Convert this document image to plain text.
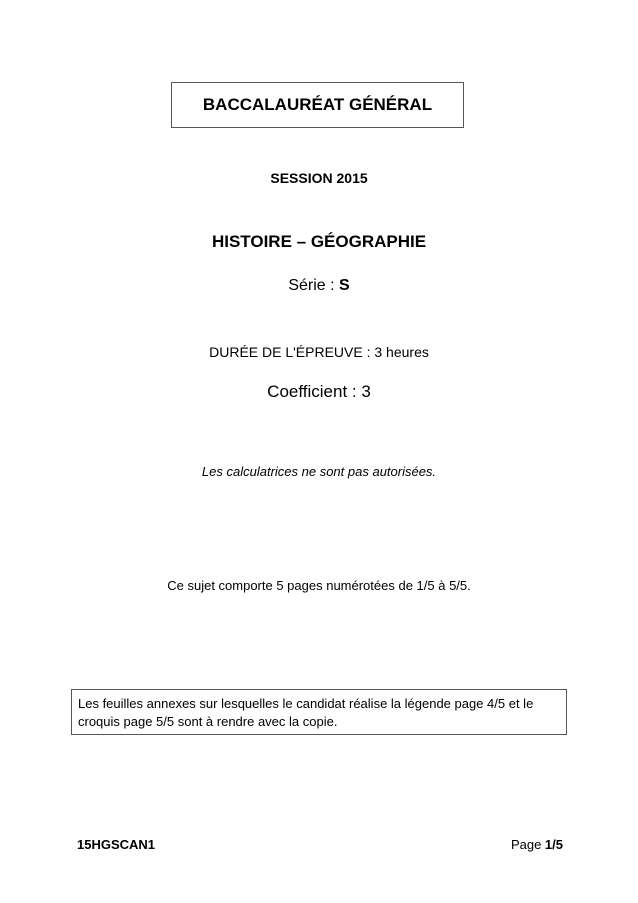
BACCALAURÉAT GÉNÉRAL
SESSION 2015
HISTOIRE – GÉOGRAPHIE
Série : S
DURÉE DE L'ÉPREUVE : 3 heures
Coefficient : 3
Les calculatrices ne sont pas autorisées.
Ce sujet comporte 5 pages numérotées de 1/5 à 5/5.
Les feuilles annexes sur lesquelles le candidat réalise la légende page 4/5 et le croquis page 5/5 sont à rendre avec la copie.
15HGSCAN1	Page 1/5
